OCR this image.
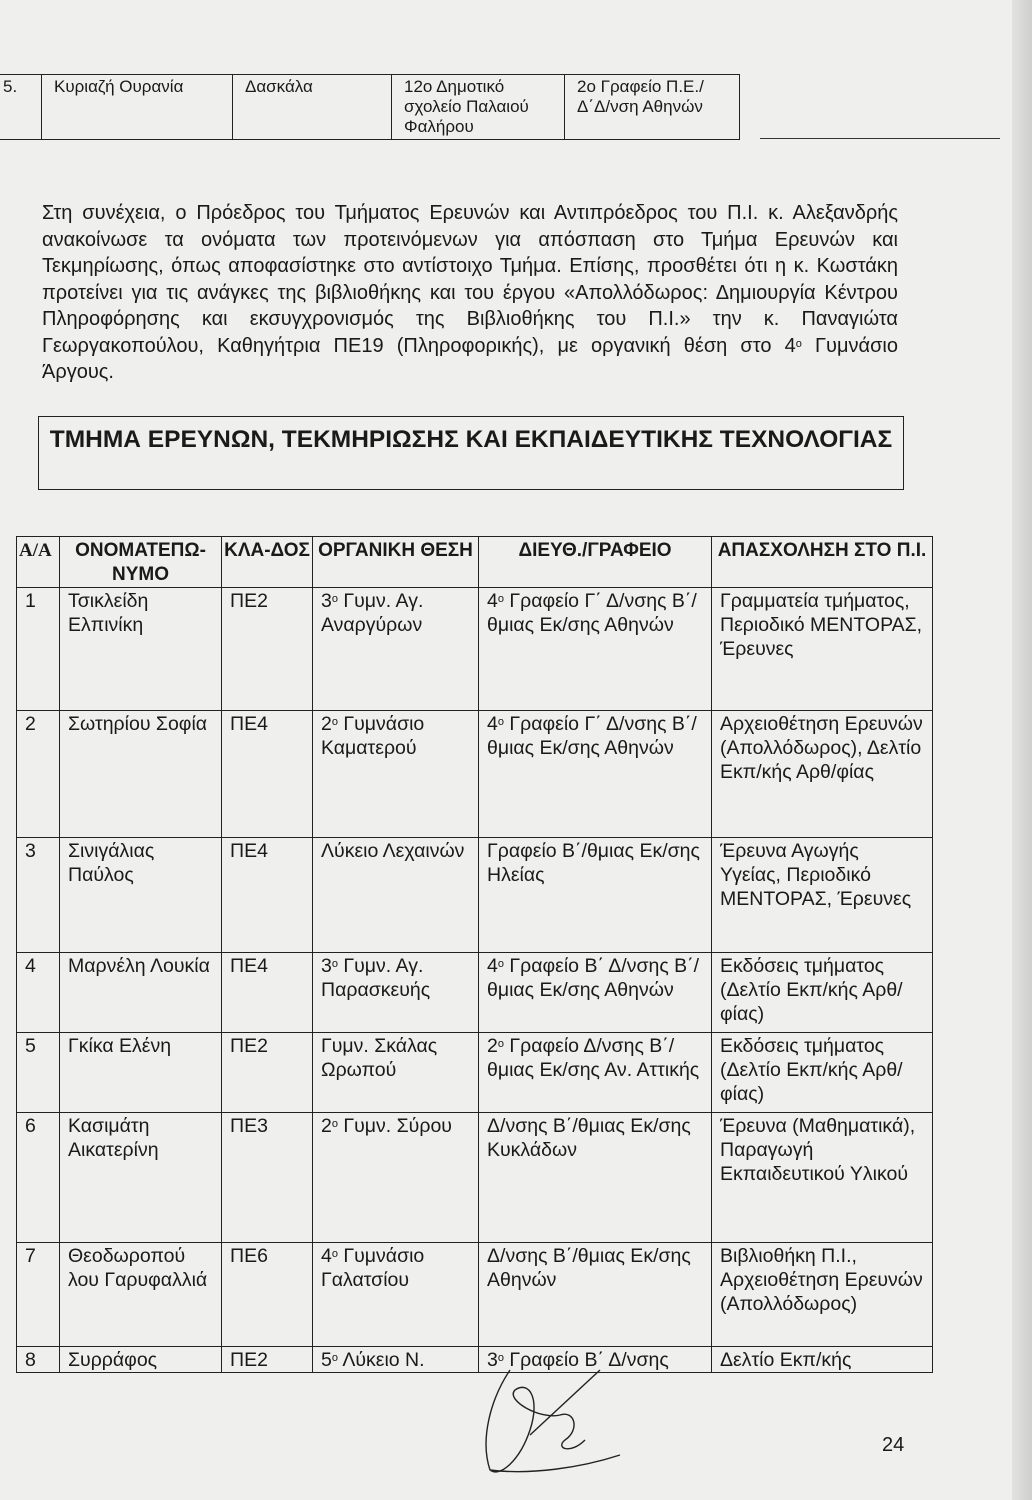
5.	Κυριαζή Ουρανία	Δασκάλα	12ο Δημοτικό σχολείο Παλαιού Φαλήρου	2ο Γραφείο Π.Ε./Δ΄Δ/νση Αθηνών

Στη συνέχεια, ο Πρόεδρος του Τμήματος Ερευνών και Αντιπρόεδρος του Π.Ι. κ. Αλεξανδρής ανακοίνωσε τα ονόματα των προτεινόμενων για απόσπαση στο Τμήμα Ερευνών και Τεκμηρίωσης, όπως αποφασίστηκε στο αντίστοιχο Τμήμα. Επίσης, προσθέτει ότι η κ. Κωστάκη προτείνει για τις ανάγκες της βιβλιοθήκης και του έργου «Απολλόδωρος: Δημιουργία Κέντρου Πληροφόρησης και εκσυγχρονισμός της Βιβλιοθήκης του Π.Ι.» την κ. Παναγιώτα Γεωργακοπούλου, Καθηγήτρια ΠΕ19 (Πληροφορικής), με οργανική θέση στο $4^o$ Γυμνάσιο Άργους.

ΤΜΗΜΑ ΕΡΕΥΝΩΝ, ΤΕΚΜΗΡΙΩΣΗΣ ΚΑΙ ΕΚΠΑΙΔΕΥΤΙΚΗΣ ΤΕΧΝΟΛΟΓΙΑΣ
Α/Α	ΟΝΟΜΑΤΕΠΩ-ΝΥΜΟ	ΚΛΑ-ΔΟΣ	ΟΡΓΑΝΙΚΗ ΘΕΣΗ	ΔΙΕΥΘ./ΓΡΑΦΕΙΟ	ΑΠΑΣΧΟΛΗΣΗ ΣΤΟ Π.Ι.
1	Τσικλείδη Ελπινίκη	ΠΕ2	$3^o$ Γυμν. Αγ. Αναργύρων	$4^o$ Γραφείο Γ΄ Δ/νσης Β΄/θμιας Εκ/σης Αθηνών	Γραμματεία τμήματος, Περιοδικό ΜΕΝΤΟΡΑΣ, Έρευνες
2	Σωτηρίου Σοφία	ΠΕ4	$2^o$ Γυμνάσιο Καματερού	$4^o$ Γραφείο Γ΄ Δ/νσης Β΄/θμιας Εκ/σης Αθηνών	Αρχειοθέτηση Ερευνών (Απολλόδωρος), Δελτίο Εκπ/κής Αρθ/φίας
3	Σινιγάλιας Παύλος	ΠΕ4	Λύκειο Λεχαινών	Γραφείο Β΄/θμιας Εκ/σης Ηλείας	Έρευνα Αγωγής Υγείας, Περιοδικό ΜΕΝΤΟΡΑΣ, Έρευνες
4	Μαρνέλη Λουκία	ΠΕ4	$3^o$ Γυμν. Αγ. Παρασκευής	$4^o$ Γραφείο Β΄ Δ/νσης Β΄/θμιας Εκ/σης Αθηνών	Εκδόσεις τμήματος (Δελτίο Εκπ/κής Αρθ/φίας)
5	Γκίκα Ελένη	ΠΕ2	Γυμν. Σκάλας Ωρωπού	$2^o$ Γραφείο Δ/νσης Β΄/θμιας Εκ/σης Αν. Αττικής	Εκδόσεις τμήματος (Δελτίο Εκπ/κής Αρθ/φίας)
6	Κασιμάτη Αικατερίνη	ΠΕ3	$2^o$ Γυμν. Σύρου	Δ/νσης Β΄/θμιας Εκ/σης Κυκλάδων	Έρευνα (Μαθηματικά), Παραγωγή Εκπαιδευτικού Υλικού
7	Θεοδωροπού λου Γαρυφαλλιά	ΠΕ6	$4^o$ Γυμνάσιο Γαλατσίου	Δ/νσης Β΄/θμιας Εκ/σης Αθηνών	Βιβλιοθήκη Π.Ι., Αρχειοθέτηση Ερευνών (Απολλόδωρος)
8	Συρράφος	ΠΕ2	$5^o$ Λύκειο Ν.	$3^o$ Γραφείο Β΄ Δ/νσης	Δελτίο Εκπ/κής
24
